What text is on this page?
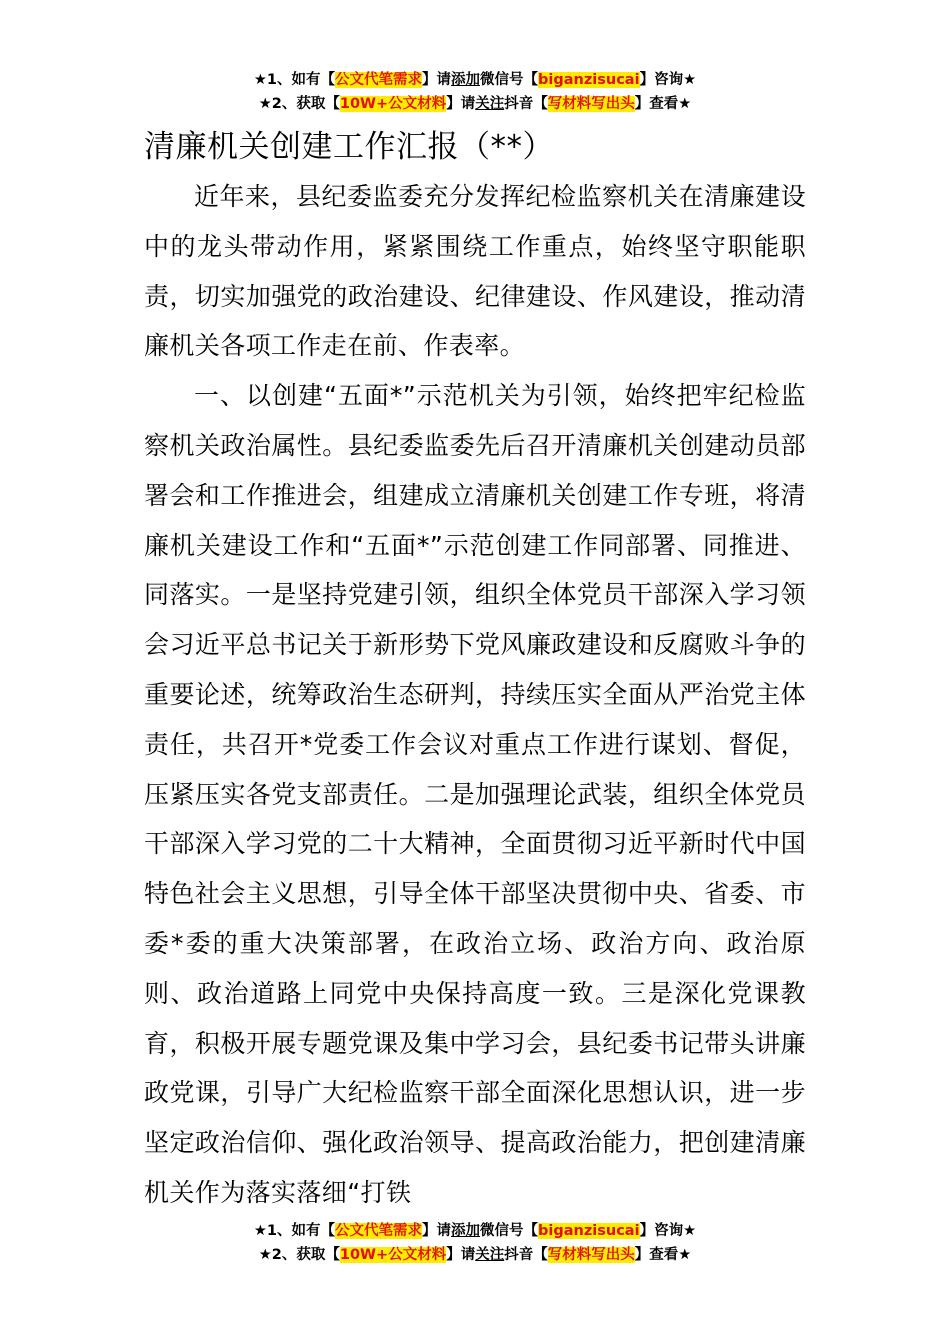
★1、如有【公文代笔需求】请添加微信号【biganzisucai】咨询★
★2、获取【10W+公文材料】请关注抖音【写材料写出头】查看★
清廉机关创建工作汇报（**）

近年来，县纪委监委充分发挥纪检监察机关在清廉建设中的龙头带动作用，紧紧围绕工作重点，始终坚守职能职责，切实加强党的政治建设、纪律建设、作风建设，推动清廉机关各项工作走在前、作表率。

一、以创建“五面*”示范机关为引领，始终把牢纪检监察机关政治属性。县纪委监委先后召开清廉机关创建动员部署会和工作推进会，组建成立清廉机关创建工作专班，将清廉机关建设工作和“五面*”示范创建工作同部署、同推进、同落实。一是坚持党建引领，组织全体党员干部深入学习领会习近平总书记关于新形势下党风廉政建设和反腐败斗争的重要论述，统筹政治生态研判，持续压实全面从严治党主体责任，共召开*党委工作会议对重点工作进行谋划、督促，压紧压实各党支部责任。二是加强理论武装，组织全体党员干部深入学习党的二十大精神，全面贯彻习近平新时代中国特色社会主义思想，引导全体干部坚决贯彻中央、省委、市委*委的重大决策部署，在政治立场、政治方向、政治原则、政治道路上同党中央保持高度一致。三是深化党课教育，积极开展专题党课及集中学习会，县纪委书记带头讲廉政党课，引导广大纪检监察干部全面深化思想认识，进一步坚定政治信仰、强化政治领导、提高政治能力，把创建清廉机关作为落实落细“打铁

★1、如有【公文代笔需求】请添加微信号【biganzisucai】咨询★
★2、获取【10W+公文材料】请关注抖音【写材料写出头】查看★
